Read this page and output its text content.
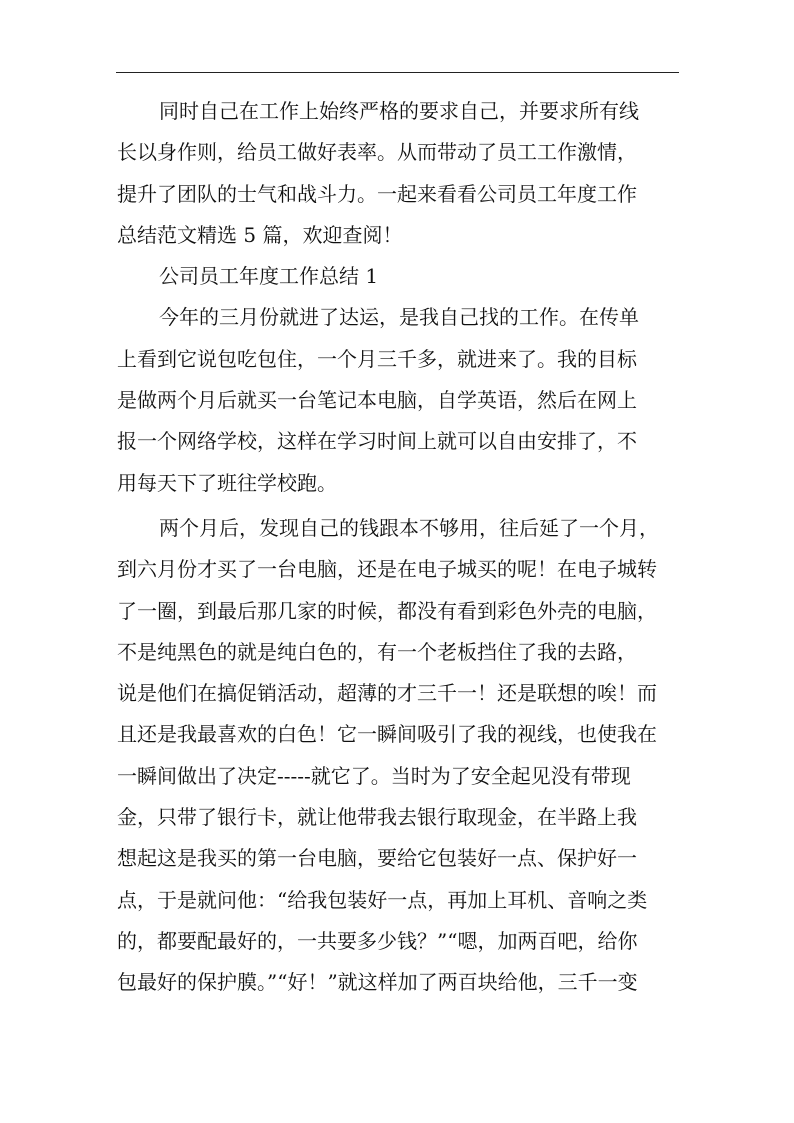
同时自己在工作上始终严格的要求自己，并要求所有线
长以身作则，给员工做好表率。从而带动了员工工作激情，
提升了团队的士气和战斗力。一起来看看公司员工年度工作
总结范文精选 5 篇，欢迎查阅！
公司员工年度工作总结 1
今年的三月份就进了达运，是我自己找的工作。在传单
上看到它说包吃包住，一个月三千多，就进来了。我的目标
是做两个月后就买一台笔记本电脑，自学英语，然后在网上
报一个网络学校，这样在学习时间上就可以自由安排了，不
用每天下了班往学校跑。
两个月后，发现自己的钱跟本不够用，往后延了一个月，
到六月份才买了一台电脑，还是在电子城买的呢！在电子城转
了一圈，到最后那几家的时候，都没有看到彩色外壳的电脑，
不是纯黑色的就是纯白色的，有一个老板挡住了我的去路，
说是他们在搞促销活动，超薄的才三千一！还是联想的唉！而
且还是我最喜欢的白色！它一瞬间吸引了我的视线，也使我在
一瞬间做出了决定-----就它了。当时为了安全起见没有带现
金，只带了银行卡，就让他带我去银行取现金，在半路上我
想起这是我买的第一台电脑，要给它包装好一点、保护好一
点，于是就问他：“给我包装好一点，再加上耳机、音响之类
的，都要配最好的，一共要多少钱？”“嗯，加两百吧，给你
包最好的保护膜。”“好！”就这样加了两百块给他，三千一变
